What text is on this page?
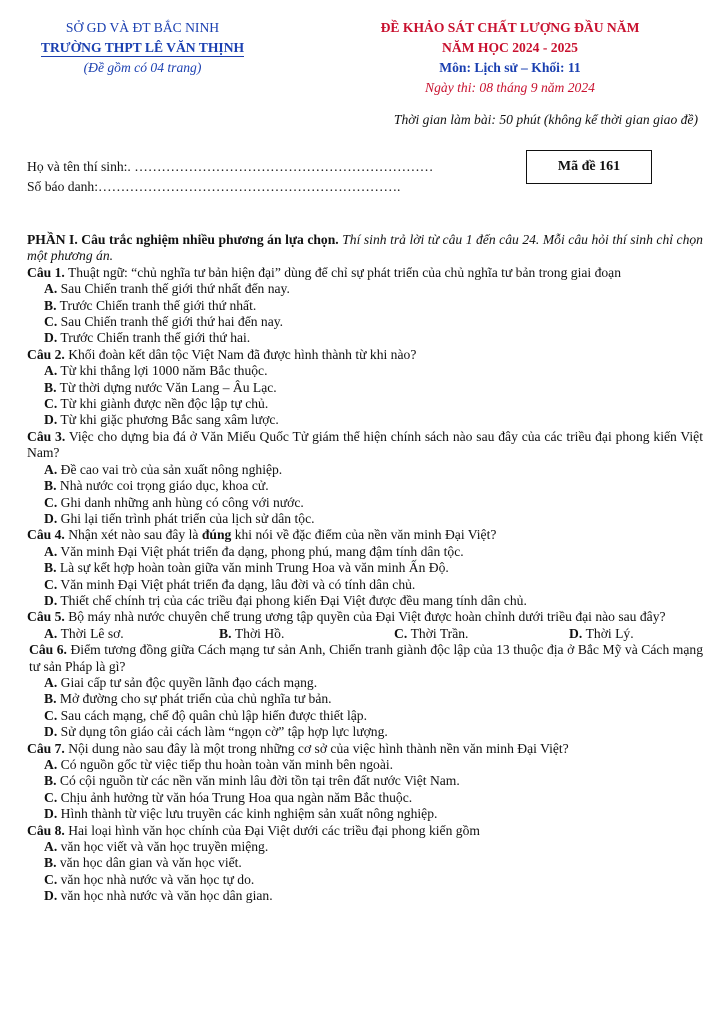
SỞ GD VÀ ĐT BẮC NINH
TRƯỜNG THPT LÊ VĂN THỊNH
(Đề gồm có 04 trang)
ĐỀ KHẢO SÁT CHẤT LƯỢNG ĐẦU NĂM
NĂM HỌC 2024 - 2025
Môn: Lịch sử – Khối: 11
Ngày thi: 08 tháng 9 năm 2024
Thời gian làm bài: 50 phút (không kể thời gian giao đề)
Họ và tên thí sinh:. …………………………………………………………
Số báo danh:………………………………………………………….
Mã đề 161

PHẦN I. Câu trắc nghiệm nhiều phương án lựa chọn. Thí sinh trả lời từ câu 1 đến câu 24. Mỗi câu hỏi thí sinh chỉ chọn một phương án.

Câu 1. Thuật ngữ: “chủ nghĩa tư bản hiện đại” dùng để chỉ sự phát triển của chủ nghĩa tư bản trong giai đoạn

A. Sau Chiến tranh thế giới thứ nhất đến nay.

B. Trước Chiến tranh thế giới thứ nhất.

C. Sau Chiến tranh thế giới thứ hai đến nay.

D. Trước Chiến tranh thế giới thứ hai.

Câu 2. Khối đoàn kết dân tộc Việt Nam đã được hình thành từ khi nào?

A. Từ khi thắng lợi 1000 năm Bắc thuộc.

B. Từ thời dựng nước Văn Lang – Âu Lạc.

C. Từ khi giành được nền độc lập tự chủ.

D. Từ khi giặc phương Bắc sang xâm lược.

Câu 3. Việc cho dựng bia đá ở Văn Miếu Quốc Tử giám thể hiện chính sách nào sau đây của các triều đại phong kiến Việt Nam?

A. Đề cao vai trò của sản xuất nông nghiệp.

B. Nhà nước coi trọng giáo dục, khoa cử.

C. Ghi danh những anh hùng có công với nước.

D. Ghi lại tiến trình phát triển của lịch sử dân tộc.

Câu 4. Nhận xét nào sau đây là đúng khi nói về đặc điểm của nền văn minh Đại Việt?

A. Văn minh Đại Việt phát triển đa dạng, phong phú, mang đậm tính dân tộc.

B. Là sự kết hợp hoàn toàn giữa văn minh Trung Hoa và văn minh Ấn Độ.

C. Văn minh Đại Việt phát triển đa dạng, lâu đời và có tính dân chủ.

D. Thiết chế chính trị của các triều đại phong kiến Đại Việt được đều mang tính dân chủ.

Câu 5. Bộ máy nhà nước chuyên chế trung ương tập quyền của Đại Việt được hoàn chỉnh dưới triều đại nào sau đây?

A. Thời Lê sơ.	B. Thời Hồ.	C. Thời Trần.	D. Thời Lý.

Câu 6. Điểm tương đồng giữa Cách mạng tư sản Anh, Chiến tranh giành độc lập của 13 thuộc địa ở Bắc Mỹ và Cách mạng tư sản Pháp là gì?

A. Giai cấp tư sản độc quyền lãnh đạo cách mạng.

B. Mở đường cho sự phát triển của chủ nghĩa tư bản.

C. Sau cách mạng, chế độ quân chủ lập hiến được thiết lập.

D. Sử dụng tôn giáo cải cách làm “ngọn cờ” tập hợp lực lượng.

Câu 7. Nội dung nào sau đây là một trong những cơ sở của việc hình thành nền văn minh Đại Việt?

A. Có nguồn gốc từ việc tiếp thu hoàn toàn văn minh bên ngoài.

B. Có cội nguồn từ các nền văn minh lâu đời tồn tại trên đất nước Việt Nam.

C. Chịu ảnh hưởng từ văn hóa Trung Hoa qua ngàn năm Bắc thuộc.

D. Hình thành từ việc lưu truyền các kinh nghiệm sản xuất nông nghiệp.

Câu 8. Hai loại hình văn học chính của Đại Việt dưới các triều đại phong kiến gồm

A. văn học viết và văn học truyền miệng.

B. văn học dân gian và văn học viết.

C. văn học nhà nước và văn học tự do.

D. văn học nhà nước và văn học dân gian.
